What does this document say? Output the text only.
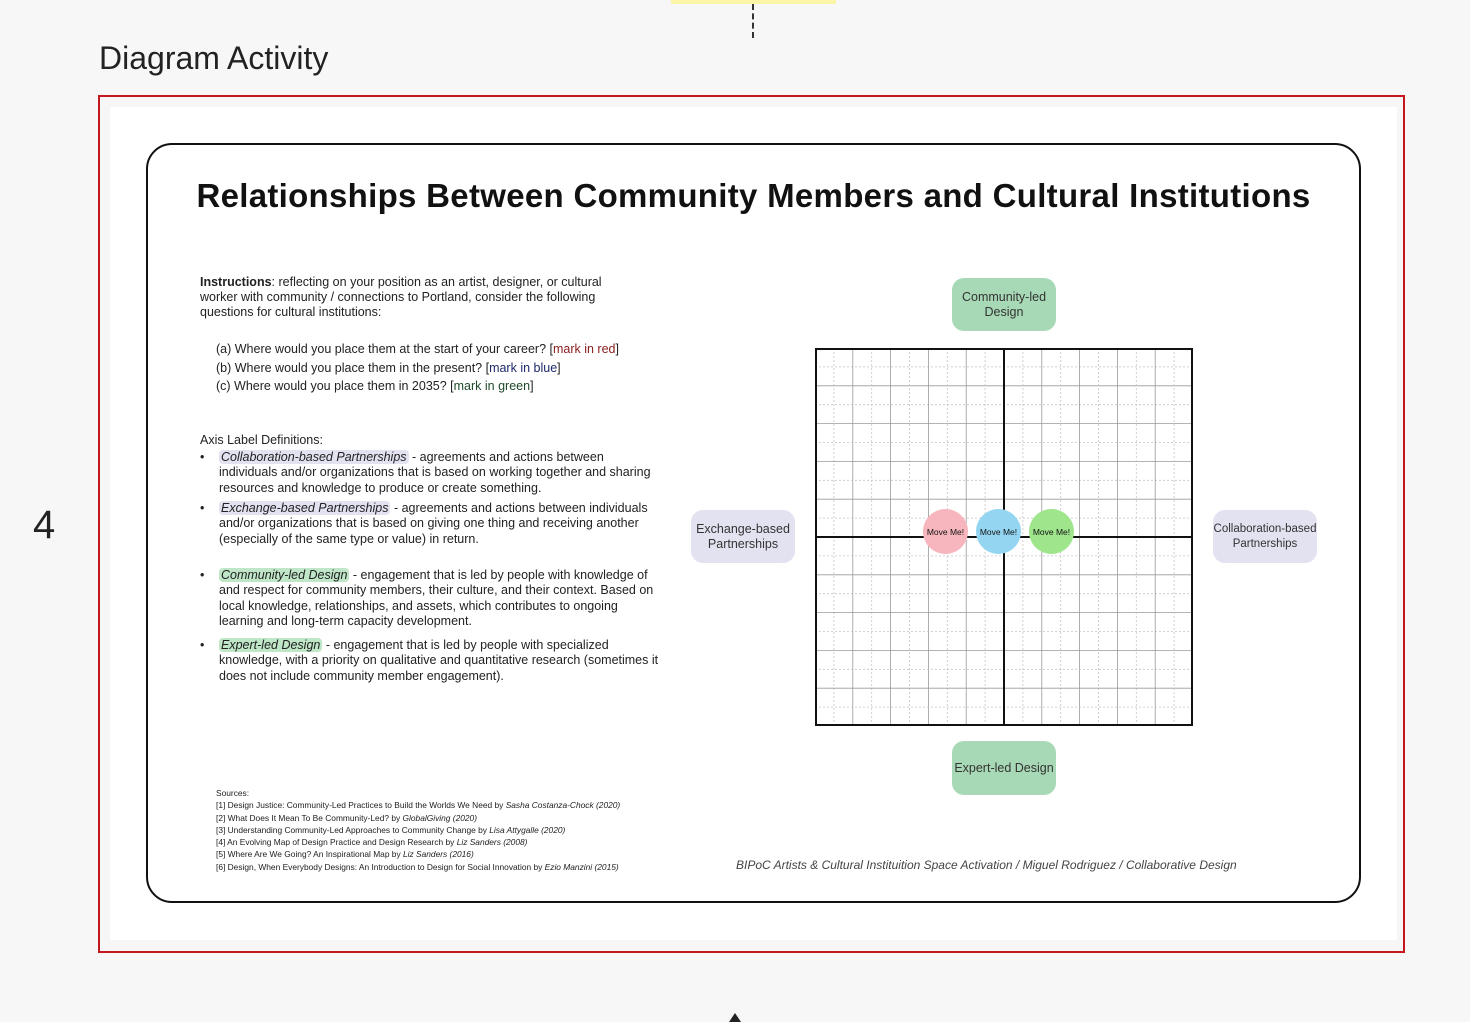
Diagram Activity
4
Relationships Between Community Members and Cultural Institutions
Instructions: reflecting on your position as an artist, designer, or cultural worker with community / connections to Portland, consider the following questions for cultural institutions:
(a) Where would you place them at the start of your career? [mark in red]
(b) Where would you place them in the present? [mark in blue]
(c) Where would you place them in 2035? [mark in green]
Axis Label Definitions:
• Collaboration-based Partnerships - agreements and actions between individuals and/or organizations that is based on working together and sharing resources and knowledge to produce or create something.
• Exchange-based Partnerships - agreements and actions between individuals and/or organizations that is based on giving one thing and receiving another (especially of the same type or value) in return.
• Community-led Design - engagement that is led by people with knowledge of and respect for community members, their culture, and their context. Based on local knowledge, relationships, and assets, which contributes to ongoing learning and long-term capacity development.
• Expert-led Design - engagement that is led by people with specialized knowledge, with a priority on qualitative and quantitative research (sometimes it does not include community member engagement).
Sources:
[1] Design Justice: Community-Led Practices to Build the Worlds We Need by Sasha Costanza-Chock (2020)
[2] What Does It Mean To Be Community-Led? by GlobalGiving (2020)
[3] Understanding Community-Led Approaches to Community Change by Lisa Attygalle (2020)
[4] An Evolving Map of Design Practice and Design Research by Liz Sanders (2008)
[5] Where Are We Going? An Inspirational Map by Liz Sanders (2016)
[6] Design, When Everybody Designs: An Introduction to Design for Social Innovation by Ezio Manzini (2015)	BIPoC Artists & Cultural Instituition Space Activation / Miguel Rodriguez / Collaborative Design
Community-led Design
Expert-led Design
Exchange-based Partnerships
Collaboration-based Partnerships
Move Me!	Move Me!	Move Me!
